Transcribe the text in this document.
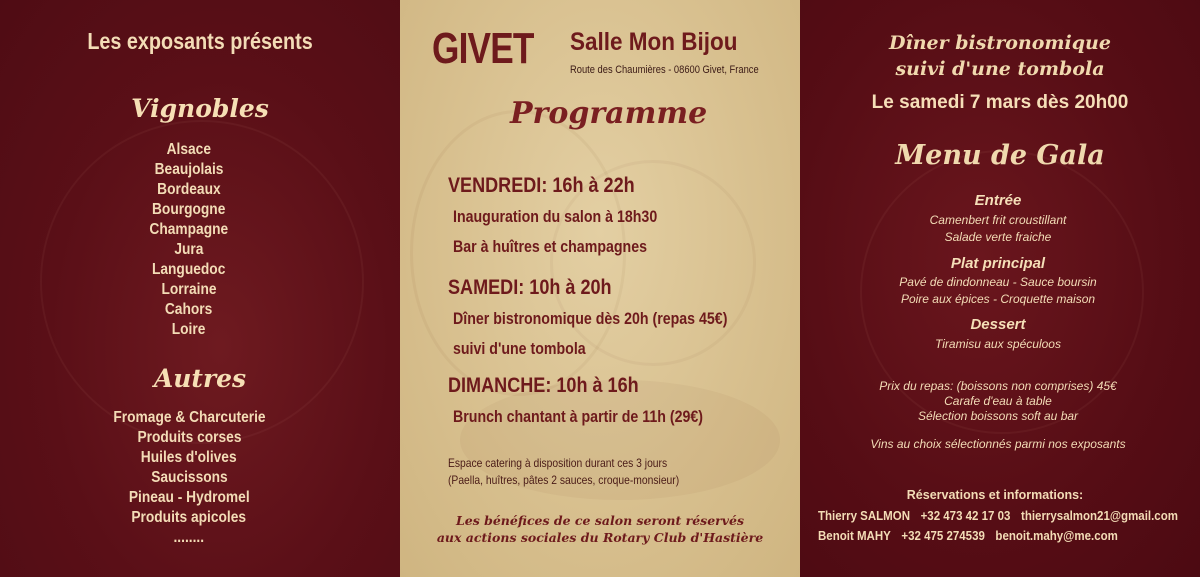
Les exposants présents
Vignobles
Alsace
Beaujolais
Bordeaux
Bourgogne
Champagne
Jura
Languedoc
Lorraine
Cahors
Loire
Autres
Fromage & Charcuterie
Produits corses
Huiles d'olives
Saucissons
Pineau - Hydromel
Produits apicoles
........
GIVET Salle Mon Bijou
Route des Chaumières - 08600 Givet, France
Programme
VENDREDI: 16h à 22h
Inauguration du salon à 18h30
Bar à huîtres et champagnes
SAMEDI: 10h à 20h
Dîner bistronomique dès 20h (repas 45€)
suivi d'une tombola
DIMANCHE: 10h à 16h
Brunch chantant à partir de 11h (29€)
Espace catering à disposition durant ces 3 jours
(Paella, huîtres, pâtes 2 sauces, croque-monsieur)
Les bénéfices de ce salon seront réservés
aux actions sociales du Rotary Club d'Hastière
Dîner bistronomique
suivi d'une tombola
Le samedi 7 mars dès 20h00
Menu de Gala
Entrée
Camenbert frit croustillant
Salade verte fraiche
Plat principal
Pavé de dindonneau - Sauce boursin
Poire aux épices - Croquette maison
Dessert
Tiramisu aux spéculoos
Prix du repas: (boissons non comprises) 45€
Carafe d'eau à table
Sélection boissons soft au bar
Vins au choix sélectionnés parmi nos exposants
Réservations et informations:
Thierry SALMON +32 473 42 17 03 thierrysalmon21@gmail.com
Benoit MAHY +32 475 274539 benoit.mahy@me.com
